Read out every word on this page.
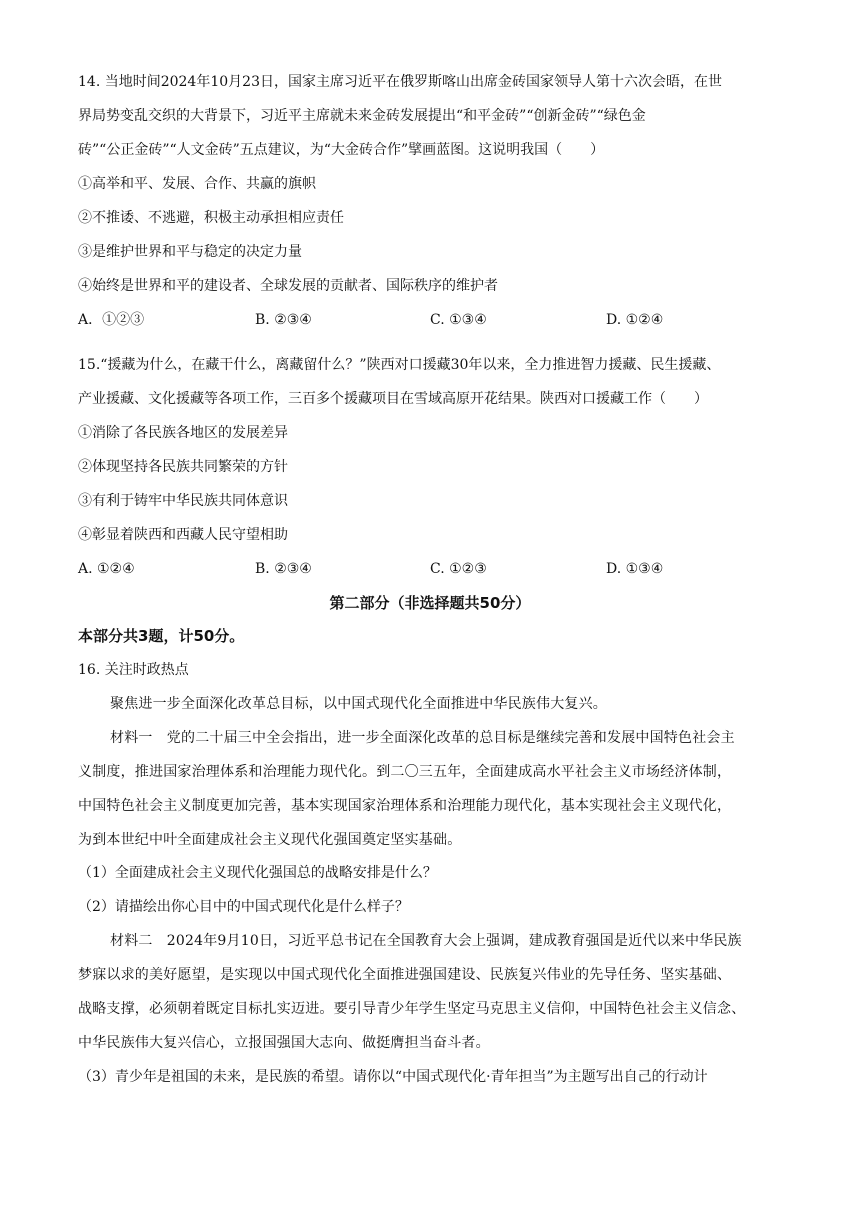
14. 当地时间2024年10月23日，国家主席习近平在俄罗斯喀山出席金砖国家领导人第十六次会晤，在世
界局势变乱交织的大背景下，习近平主席就未来金砖发展提出“和平金砖”“创新金砖”“绿色金
砖”“公正金砖”“人文金砖”五点建议，为“大金砖合作”擘画蓝图。这说明我国（　　）
①高举和平、发展、合作、共赢的旗帜
②不推诿、不逃避，积极主动承担相应责任
③是维护世界和平与稳定的决定力量
④始终是世界和平的建设者、全球发展的贡献者、国际秩序的维护者
A．①②③	B. ②③④	C. ①③④	D. ①②④
15.“援藏为什么，在藏干什么，离藏留什么？”陕西对口援藏30年以来，全力推进智力援藏、民生援藏、
产业援藏、文化援藏等各项工作，三百多个援藏项目在雪域高原开花结果。陕西对口援藏工作（　　）
①消除了各民族各地区的发展差异
②体现坚持各民族共同繁荣的方针
③有利于铸牢中华民族共同体意识
④彰显着陕西和西藏人民守望相助
A. ①②④	B. ②③④	C. ①②③	D. ①③④
第二部分（非选择题共50分）
本部分共3题，计50分。
16. 关注时政热点
聚焦进一步全面深化改革总目标，以中国式现代化全面推进中华民族伟大复兴。
材料一　党的二十届三中全会指出，进一步全面深化改革的总目标是继续完善和发展中国特色社会主
义制度，推进国家治理体系和治理能力现代化。到二〇三五年，全面建成高水平社会主义市场经济体制，
中国特色社会主义制度更加完善，基本实现国家治理体系和治理能力现代化，基本实现社会主义现代化，
为到本世纪中叶全面建成社会主义现代化强国奠定坚实基础。
（1）全面建成社会主义现代化强国总的战略安排是什么？
（2）请描绘出你心目中的中国式现代化是什么样子？
材料二　2024年9月10日，习近平总书记在全国教育大会上强调，建成教育强国是近代以来中华民族
梦寐以求的美好愿望，是实现以中国式现代化全面推进强国建设、民族复兴伟业的先导任务、坚实基础、
战略支撑，必须朝着既定目标扎实迈进。要引导青少年学生坚定马克思主义信仰，中国特色社会主义信念、
中华民族伟大复兴信心，立报国强国大志向、做挺膺担当奋斗者。
（3）青少年是祖国的未来，是民族的希望。请你以“中国式现代化·青年担当”为主题写出自己的行动计
